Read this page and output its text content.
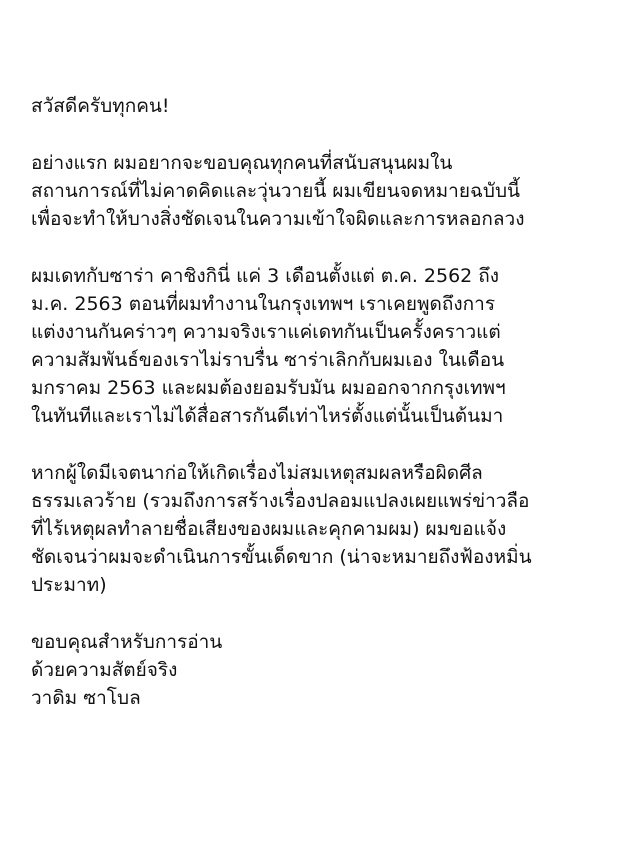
สวัสดีครับทุกคน!
อย่างแรก ผมอยากจะขอบคุณทุกคนที่สนับสนุนผมใน
สถานการณ์ที่ไม่คาดคิดและวุ่นวายนี้ ผมเขียนจดหมายฉบับนี้
เพื่อจะทำให้บางสิ่งชัดเจนในความเข้าใจผิดและการหลอกลวง
ผมเดทกับซาร่า คาชิงกินี่ แค่ 3 เดือนตั้งแต่ ต.ค. 2562 ถึง
ม.ค. 2563 ตอนที่ผมทำงานในกรุงเทพฯ เราเคยพูดถึงการ
แต่งงานกันคร่าวๆ ความจริงเราแค่เดทกันเป็นครั้งคราวแต่
ความสัมพันธ์ของเราไม่ราบรื่น ซาร่าเลิกกับผมเอง ในเดือน
มกราคม 2563 และผมต้องยอมรับมัน ผมออกจากกรุงเทพฯ
ในทันทีและเราไม่ได้สื่อสารกันดีเท่าไหร่ตั้งแต่นั้นเป็นต้นมา
หากผู้ใดมีเจตนาก่อให้เกิดเรื่องไม่สมเหตุสมผลหรือผิดศีล
ธรรมเลวร้าย (รวมถึงการสร้างเรื่องปลอมแปลงเผยแพร่ข่าวลือ
ที่ไร้เหตุผลทำลายชื่อเสียงของผมและคุกคามผม) ผมขอแจ้ง
ชัดเจนว่าผมจะดำเนินการขั้นเด็ดขาก (น่าจะหมายถึงฟ้องหมิ่น
ประมาท)
ขอบคุณสำหรับการอ่าน
ด้วยความสัตย์จริง
วาดิม ซาโบล
